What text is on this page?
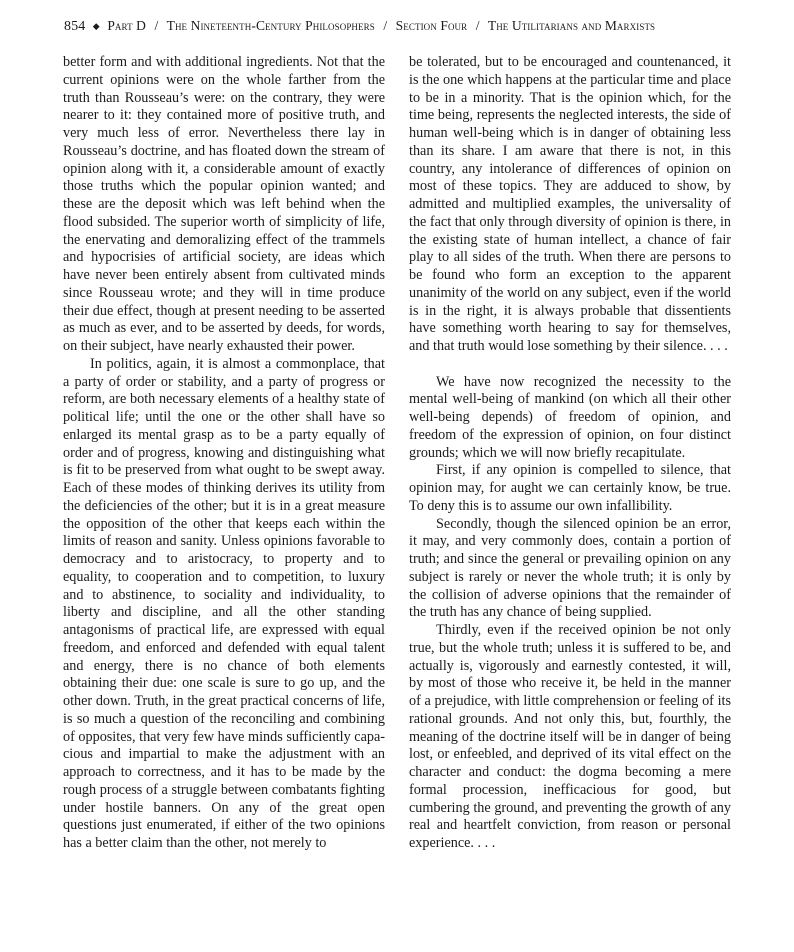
854 ◆ Part D / The Nineteenth-Century Philosophers / Section Four / The Utilitarians and Marxists

better form and with additional ingredients. Not that the current opinions were on the whole farther from the truth than Rousseau’s were: on the contrary, they were nearer to it: they contained more of positive truth, and very much less of error. Nevertheless there lay in Rousseau’s doctrine, and has floated down the stream of opinion along with it, a considerable amount of exactly those truths which the popular opinion wanted; and these are the deposit which was left behind when the flood subsided. The superior worth of simplicity of life, the enervating and demoralizing effect of the trammels and hypocrisies of artificial society, are ideas which have never been entirely absent from cultivated minds since Rousseau wrote; and they will in time produce their due effect, though at present needing to be asserted as much as ever, and to be asserted by deeds, for words, on their subject, have nearly exhausted their power.

In politics, again, it is almost a commonplace, that a party of order or stability, and a party of progress or reform, are both necessary elements of a healthy state of political life; until the one or the other shall have so enlarged its mental grasp as to be a party equally of order and of progress, knowing and distinguishing what is fit to be preserved from what ought to be swept away. Each of these modes of thinking derives its utility from the deficiencies of the other; but it is in a great measure the opposition of the other that keeps each within the limits of reason and sanity. Unless opinions favorable to democracy and to aristocracy, to property and to equality, to cooperation and to competition, to luxury and to abstinence, to sociality and individuality, to liberty and discipline, and all the other standing antagonisms of practical life, are expressed with equal freedom, and enforced and defended with equal talent and energy, there is no chance of both elements obtaining their due: one scale is sure to go up, and the other down. Truth, in the great practical concerns of life, is so much a question of the reconciling and combining of opposites, that very few have minds sufficiently capacious and impartial to make the adjustment with an approach to correctness, and it has to be made by the rough process of a struggle between combatants fighting under hostile banners. On any of the great open questions just enumerated, if either of the two opinions has a better claim than the other, not merely to

be tolerated, but to be encouraged and countenanced, it is the one which happens at the particular time and place to be in a minority. That is the opinion which, for the time being, represents the neglected interests, the side of human well-being which is in danger of obtaining less than its share. I am aware that there is not, in this country, any intolerance of differences of opinion on most of these topics. They are adduced to show, by admitted and multiplied examples, the universality of the fact that only through diversity of opinion is there, in the existing state of human intellect, a chance of fair play to all sides of the truth. When there are persons to be found who form an exception to the apparent unanimity of the world on any subject, even if the world is in the right, it is always probable that dissentients have something worth hearing to say for themselves, and that truth would lose something by their silence. . . .

We have now recognized the necessity to the mental well-being of mankind (on which all their other well-being depends) of freedom of opinion, and freedom of the expression of opinion, on four distinct grounds; which we will now briefly recapitulate.

First, if any opinion is compelled to silence, that opinion may, for aught we can certainly know, be true. To deny this is to assume our own infallibility.

Secondly, though the silenced opinion be an error, it may, and very commonly does, contain a portion of truth; and since the general or prevailing opinion on any subject is rarely or never the whole truth; it is only by the collision of adverse opinions that the remainder of the truth has any chance of being supplied.

Thirdly, even if the received opinion be not only true, but the whole truth; unless it is suffered to be, and actually is, vigorously and earnestly contested, it will, by most of those who receive it, be held in the manner of a prejudice, with little comprehension or feeling of its rational grounds. And not only this, but, fourthly, the meaning of the doctrine itself will be in danger of being lost, or enfeebled, and deprived of its vital effect on the character and conduct: the dogma becoming a mere formal procession, inefficacious for good, but cumbering the ground, and preventing the growth of any real and heartfelt conviction, from reason or personal experience. . . .
